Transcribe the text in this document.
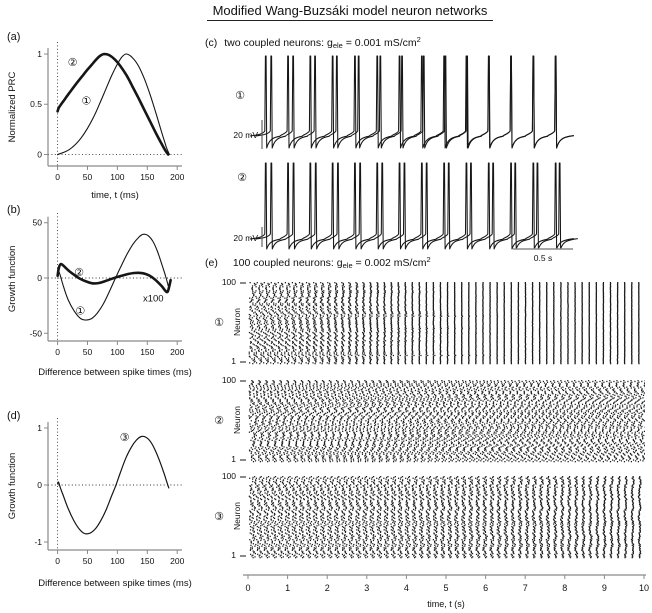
Modified Wang-Buzsáki model neuron networks
(a)
(b)
(d)
0	50 100 150 200
0
0.5
1
time, t (ms)
Normalized PRC	①
②
0	50 100 150 200
-50
0
50
Difference between spike times (ms)
Growth function	①
②
x100
0	50 100 150 200
-1
0
1
Difference between spike times (ms)
Growth function
③
(c) two coupled neurons: $g_{ele} = 0.001$ $mS/cm^2$
①
20 mV
②
20 mV
0.5 s
(e) 100 coupled neurons: $g_{ele} = 0.002$ $mS/cm^2$
①
②
③
Neuron
Neuron
Neuron
100
1
100
1
100
1
0	1	2	3	4	5	6	7	8	9	10
time, t (s)
